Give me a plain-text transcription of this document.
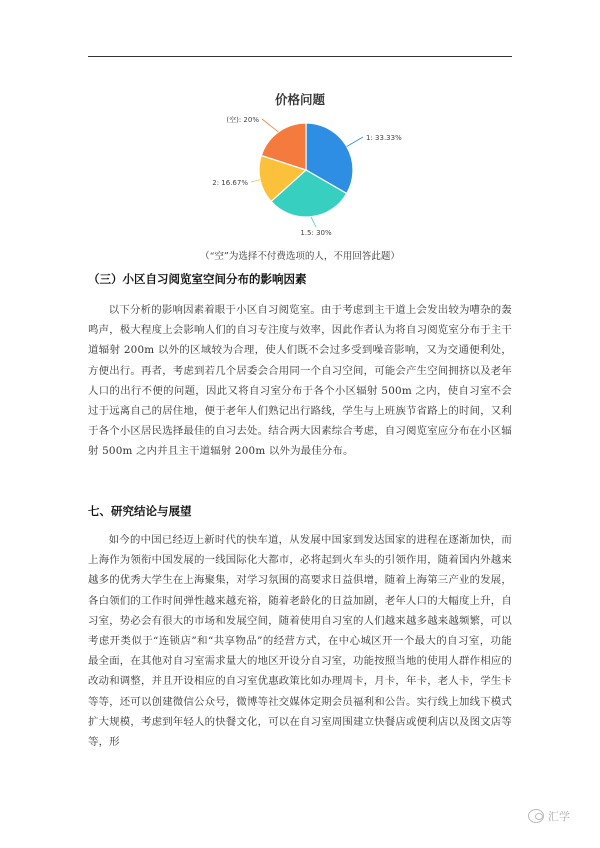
价格问题
1: 33.33%
1.5: 30%
2: 16.67%
(空): 20%
（“空”为选择不付费选项的人，不用回答此题）
（三）小区自习阅览室空间分布的影响因素

以下分析的影响因素着眼于小区自习阅览室。由于考虑到主干道上会发出较为嘈杂的轰鸣声，极大程度上会影响人们的自习专注度与效率，因此作者认为将自习阅览室分布于主干道辐射 200m 以外的区域较为合理，使人们既不会过多受到噪音影响，又为交通便利处，方便出行。再者，考虑到若几个居委会合用同一个自习空间，可能会产生空间拥挤以及老年人口的出行不便的问题，因此又将自习室分布于各个小区辐射 500m 之内，使自习室不会过于远离自己的居住地，便于老年人们熟记出行路线，学生与上班族节省路上的时间，又利于各个小区居民选择最佳的自习去处。结合两大因素综合考虑，自习阅览室应分布在小区辐射 500m 之内并且主干道辐射 200m 以外为最佳分布。

七、研究结论与展望

如今的中国已经迈上新时代的快车道，从发展中国家到发达国家的进程在逐渐加快，而上海作为领衔中国发展的一线国际化大都市，必将起到火车头的引领作用，随着国内外越来越多的优秀大学生在上海聚集，对学习氛围的高要求日益俱增，随着上海第三产业的发展，各白领们的工作时间弹性越来越充裕，随着老龄化的日益加剧，老年人口的大幅度上升，自习室，势必会有很大的市场和发展空间，随着使用自习室的人们越来越多越来越频繁，可以考虑开类似于“连锁店”和“共享物品”的经营方式，在中心城区开一个最大的自习室，功能最全面，在其他对自习室需求量大的地区开设分自习室，功能按照当地的使用人群作相应的改动和调整，并且开设相应的自习室优惠政策比如办理周卡，月卡，年卡，老人卡，学生卡等等，还可以创建微信公众号，微博等社交媒体定期会员福利和公告。实行线上加线下模式扩大规模，考虑到年轻人的快餐文化，可以在自习室周围建立快餐店或便利店以及图文店等等，形

汇学
